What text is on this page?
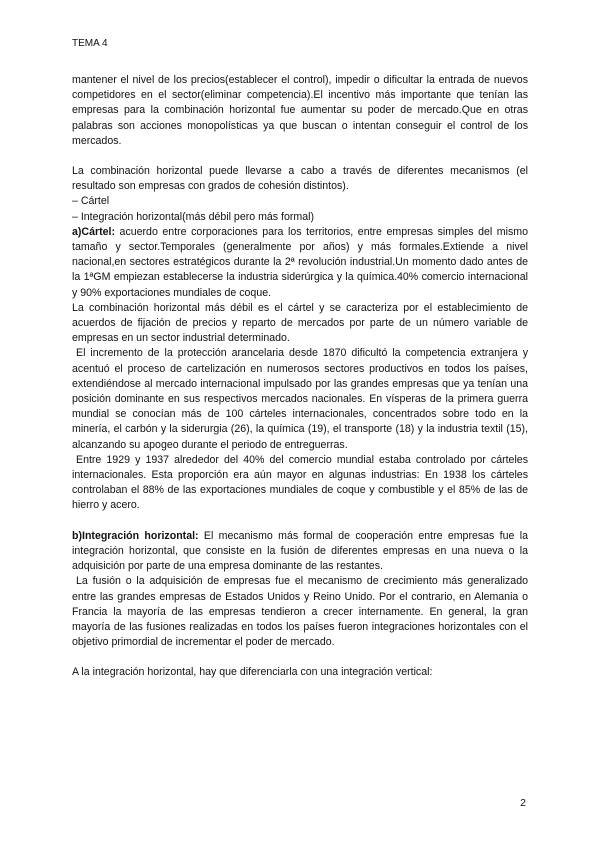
TEMA 4

mantener el nivel de los precios(establecer el control), impedir o dificultar la entrada de nuevos competidores en el sector(eliminar competencia).El incentivo más importante que tenían las empresas para la combinación horizontal fue aumentar su poder de mercado.Que en otras palabras son acciones monopolísticas ya que buscan o intentan conseguir el control de los mercados.

La combinación horizontal puede llevarse a cabo a través de diferentes mecanismos (el resultado son empresas con grados de cohesión distintos).

– Cártel

– Integración horizontal(más débil pero más formal)

a)Cártel: acuerdo entre corporaciones para los territorios, entre empresas simples del mismo tamaño y sector.Temporales (generalmente por años) y más formales.Extiende a nivel nacional,en sectores estratégicos durante la 2ª revolución industrial.Un momento dado antes de la 1ªGM empiezan establecerse la industria siderúrgica y la química.40% comercio internacional y 90% exportaciones mundiales de coque.

La combinación horizontal más débil es el cártel y se caracteriza por el establecimiento de acuerdos de fijación de precios y reparto de mercados por parte de un número variable de empresas en un sector industrial determinado.

El incremento de la protección arancelaria desde 1870 dificultó la competencia extranjera y acentuó el proceso de cartelización en numerosos sectores productivos en todos los países, extendiéndose al mercado internacional impulsado por las grandes empresas que ya tenían una posición dominante en sus respectivos mercados nacionales. En vísperas de la primera guerra mundial se conocían más de 100 cárteles internacionales, concentrados sobre todo en la minería, el carbón y la siderurgia (26), la química (19), el transporte (18) y la industria textil (15), alcanzando su apogeo durante el periodo de entreguerras.

Entre 1929 y 1937 alrededor del 40% del comercio mundial estaba controlado por cárteles internacionales. Esta proporción era aún mayor en algunas industrias: En 1938 los cárteles controlaban el 88% de las exportaciones mundiales de coque y combustible y el 85% de las de hierro y acero.

b)Integración horizontal: El mecanismo más formal de cooperación entre empresas fue la integración horizontal, que consiste en la fusión de diferentes empresas en una nueva o la adquisición por parte de una empresa dominante de las restantes.

La fusión o la adquisición de empresas fue el mecanismo de crecimiento más generalizado entre las grandes empresas de Estados Unidos y Reino Unido. Por el contrario, en Alemania o Francia la mayoría de las empresas tendieron a crecer internamente. En general, la gran mayoría de las fusiones realizadas en todos los países fueron integraciones horizontales con el objetivo primordial de incrementar el poder de mercado.

A la integración horizontal, hay que diferenciarla con una integración vertical:

2
